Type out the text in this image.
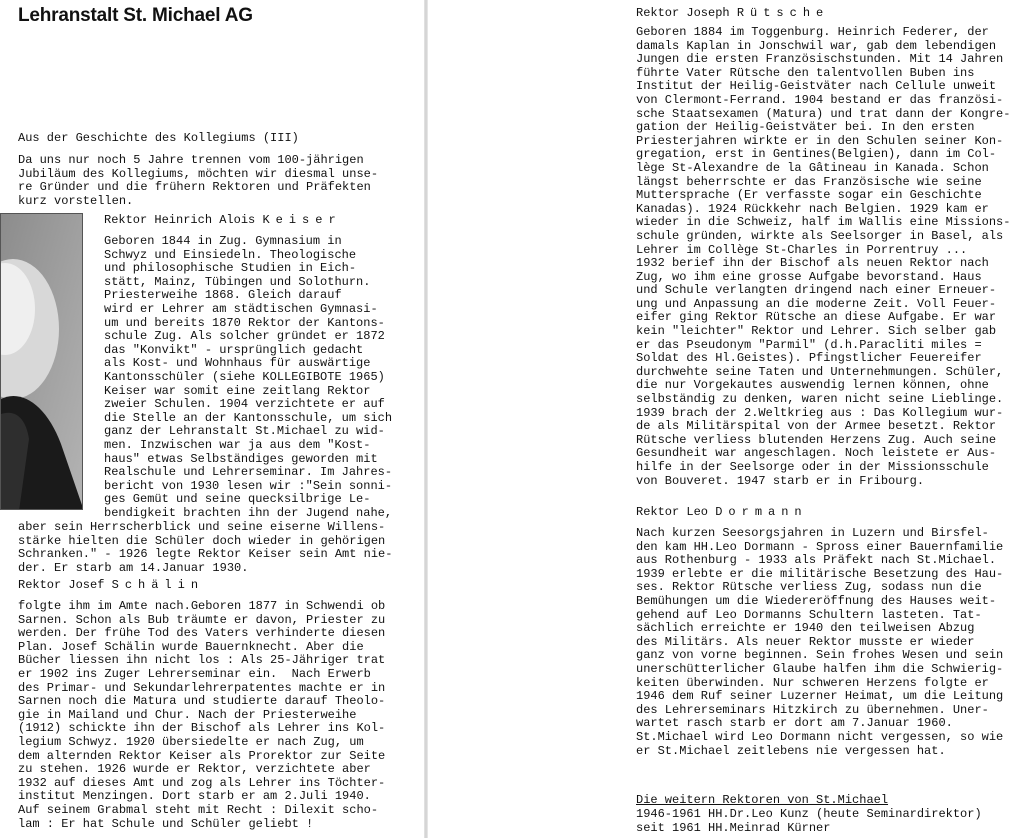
Lehranstalt St. Michael AG
Aus der Geschichte des Kollegiums (III)
Da uns nur noch 5 Jahre trennen vom 100-jährigen
Jubiläum des Kollegiums, möchten wir diesmal unse-
re Gründer und die frühern Rektoren und Präfekten
kurz vorstellen.
Rektor Heinrich Alois Keiser
Geboren 1844 in Zug. Gymnasium in
Schwyz und Einsiedeln. Theologische
und philosophische Studien in Eich-
stätt, Mainz, Tübingen und Solothurn.
Priesterweihe 1868. Gleich darauf
wird er Lehrer am städtischen Gymnasi-
um und bereits 1870 Rektor der Kantons-
schule Zug. Als solcher gründet er 1872
das "Konvikt" - ursprünglich gedacht
als Kost- und Wohnhaus für auswärtige
Kantonsschüler (siehe KOLLEGIBOTE 1965)
Keiser war somit eine zeitlang Rektor
zweier Schulen. 1904 verzichtete er auf
die Stelle an der Kantonsschule, um sich
ganz der Lehranstalt St.Michael zu wid-
men. Inzwischen war ja aus dem "Kost-
haus" etwas Selbständiges geworden mit
Realschule und Lehrerseminar. Im Jahres-
bericht von 1930 lesen wir :"Sein sonni-
ges Gemüt und seine quecksilbrige Le-
bendigkeit brachten ihn der Jugend nahe,
aber sein Herrscherblick und seine eiserne Willens-
stärke hielten die Schüler doch wieder in gehörigen
Schranken." - 1926 legte Rektor Keiser sein Amt nie-
der. Er starb am 14.Januar 1930.
Rektor Josef Schälin
folgte ihm im Amte nach.Geboren 1877 in Schwendi ob
Sarnen. Schon als Bub träumte er davon, Priester zu
werden. Der frühe Tod des Vaters verhinderte diesen
Plan. Josef Schälin wurde Bauernknecht. Aber die
Bücher liessen ihn nicht los : Als 25-Jähriger trat
er 1902 ins Zuger Lehrerseminar ein.  Nach Erwerb
des Primar- und Sekundarlehrerpatentes machte er in
Sarnen noch die Matura und studierte darauf Theolo-
gie in Mailand und Chur. Nach der Priesterweihe
(1912) schickte ihn der Bischof als Lehrer ins Kol-
legium Schwyz. 1920 übersiedelte er nach Zug, um
dem alternden Rektor Keiser als Prorektor zur Seite
zu stehen. 1926 wurde er Rektor, verzichtete aber
1932 auf dieses Amt und zog als Lehrer ins Töchter-
institut Menzingen. Dort starb er am 2.Juli 1940.
Auf seinem Grabmal steht mit Recht : Dilexit scho-
lam : Er hat Schule und Schüler geliebt !
Rektor Joseph Rütsche
Geboren 1884 im Toggenburg. Heinrich Federer, der
damals Kaplan in Jonschwil war, gab dem lebendigen
Jungen die ersten Französischstunden. Mit 14 Jahren
führte Vater Rütsche den talentvollen Buben ins
Institut der Heilig-Geistväter nach Cellule unweit
von Clermont-Ferrand. 1904 bestand er das französi-
sche Staatsexamen (Matura) und trat dann der Kongre-
gation der Heilig-Geistväter bei. In den ersten
Priesterjahren wirkte er in den Schulen seiner Kon-
gregation, erst in Gentines(Belgien), dann im Col-
lège St-Alexandre de la Gâtineau in Kanada. Schon
längst beherrschte er das Französische wie seine
Muttersprache (Er verfasste sogar ein Geschichte
Kanadas). 1924 Rückkehr nach Belgien. 1929 kam er
wieder in die Schweiz, half im Wallis eine Missions-
schule gründen, wirkte als Seelsorger in Basel, als
Lehrer im Collège St-Charles in Porrentruy ...
1932 berief ihn der Bischof als neuen Rektor nach
Zug, wo ihm eine grosse Aufgabe bevorstand. Haus
und Schule verlangten dringend nach einer Erneuer-
ung und Anpassung an die moderne Zeit. Voll Feuer-
eifer ging Rektor Rütsche an diese Aufgabe. Er war
kein "leichter" Rektor und Lehrer. Sich selber gab
er das Pseudonym "Parmil" (d.h.Paracliti miles =
Soldat des Hl.Geistes). Pfingstlicher Feuereifer
durchwehte seine Taten und Unternehmungen. Schüler,
die nur Vorgekautes auswendig lernen können, ohne
selbständig zu denken, waren nicht seine Lieblinge.
1939 brach der 2.Weltkrieg aus : Das Kollegium wur-
de als Militärspital von der Armee besetzt. Rektor
Rütsche verliess blutenden Herzens Zug. Auch seine
Gesundheit war angeschlagen. Noch leistete er Aus-
hilfe in der Seelsorge oder in der Missionsschule
von Bouveret. 1947 starb er in Fribourg.
Rektor Leo Dormann
Nach kurzen Seesorgsjahren in Luzern und Birsfel-
den kam HH.Leo Dormann - Spross einer Bauernfamilie
aus Rothenburg - 1933 als Präfekt nach St.Michael.
1939 erlebte er die militärische Besetzung des Hau-
ses. Rektor Rütsche verliess Zug, sodass nun die
Bemühungen um die Wiedereröffnung des Hauses weit-
gehend auf Leo Dormanns Schultern lasteten. Tat-
sächlich erreichte er 1940 den teilweisen Abzug
des Militärs. Als neuer Rektor musste er wieder
ganz von vorne beginnen. Sein frohes Wesen und sein
unerschütterlicher Glaube halfen ihm die Schwierig-
keiten überwinden. Nur schweren Herzens folgte er
1946 dem Ruf seiner Luzerner Heimat, um die Leitung
des Lehrerseminars Hitzkirch zu übernehmen. Uner-
wartet rasch starb er dort am 7.Januar 1960.
St.Michael wird Leo Dormann nicht vergessen, so wie
er St.Michael zeitlebens nie vergessen hat.
Die weitern Rektoren von St.Michael
1946-1961 HH.Dr.Leo Kunz (heute Seminardirektor)
seit 1961 HH.Meinrad Kürner
